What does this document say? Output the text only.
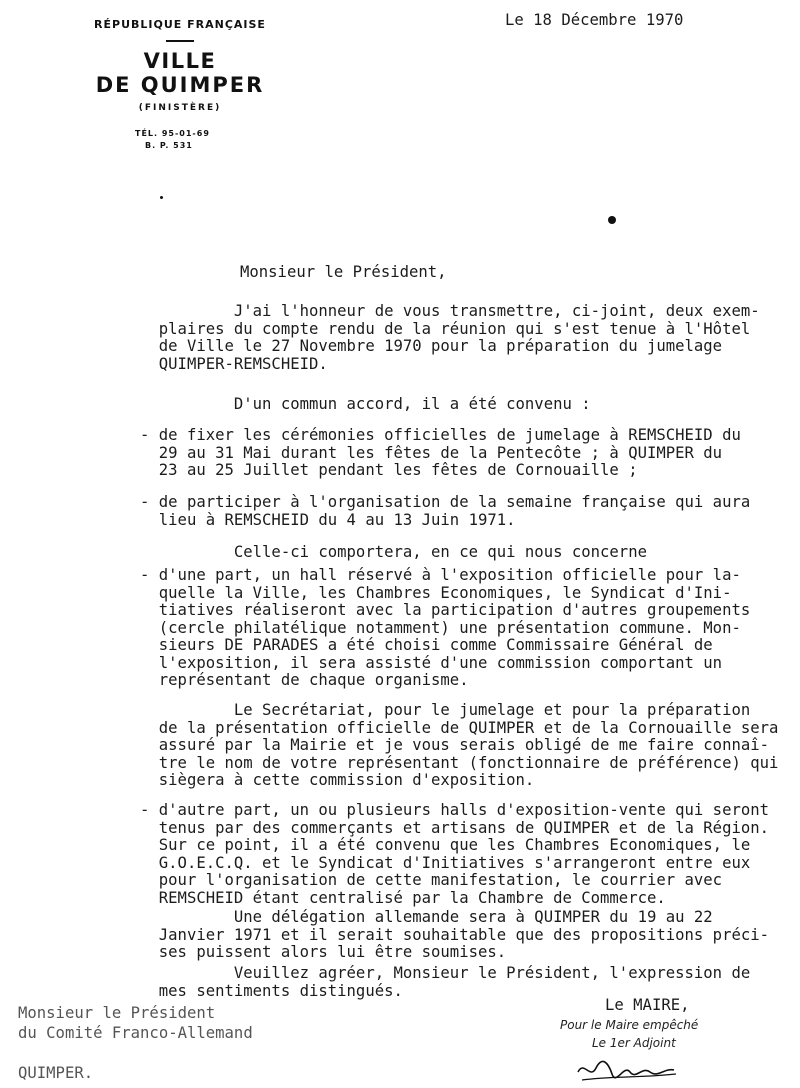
RÉPUBLIQUE FRANÇAISE
VILLE
DE QUIMPER
(FINISTÈRE)
TÉL. 95-01-69
B. P. 531
Le 18 Décembre 1970
Monsieur le Président,
J'ai l'honneur de vous transmettre, ci-joint, deux exem-
plaires du compte rendu de la réunion qui s'est tenue à l'Hôtel
de Ville le 27 Novembre 1970 pour la préparation du jumelage
QUIMPER-REMSCHEID.
D'un commun accord, il a été convenu :
- de fixer les cérémonies officielles de jumelage à REMSCHEID du
29 au 31 Mai durant les fêtes de la Pentecôte ; à QUIMPER du
23 au 25 Juillet pendant les fêtes de Cornouaille ;
- de participer à l'organisation de la semaine française qui aura
lieu à REMSCHEID du 4 au 13 Juin 1971.
Celle-ci comportera, en ce qui nous concerne
- d'une part, un hall réservé à l'exposition officielle pour la-
quelle la Ville, les Chambres Economiques, le Syndicat d'Ini-
tiatives réaliseront avec la participation d'autres groupements
(cercle philatélique notamment) une présentation commune. Mon-
sieurs DE PARADES a été choisi comme Commissaire Général de
l'exposition, il sera assisté d'une commission comportant un
représentant de chaque organisme.
Le Secrétariat, pour le jumelage et pour la préparation
de la présentation officielle de QUIMPER et de la Cornouaille sera
assuré par la Mairie et je vous serais obligé de me faire connaî-
tre le nom de votre représentant (fonctionnaire de préférence) qui
siègera à cette commission d'exposition.
- d'autre part, un ou plusieurs halls d'exposition-vente qui seront
tenus par des commerçants et artisans de QUIMPER et de la Région.
Sur ce point, il a été convenu que les Chambres Economiques, le
G.O.E.C.Q. et le Syndicat d'Initiatives s'arrangeront entre eux
pour l'organisation de cette manifestation, le courrier avec
REMSCHEID étant centralisé par la Chambre de Commerce.
Une délégation allemande sera à QUIMPER du 19 au 22
Janvier 1971 et il serait souhaitable que des propositions préci-
ses puissent alors lui être soumises.
Veuillez agréer, Monsieur le Président, l'expression de
mes sentiments distingués.
Monsieur le Président
du Comité Franco-Allemand

QUIMPER.
Le MAIRE,
Pour le Maire empêché
Le 1er Adjoint
